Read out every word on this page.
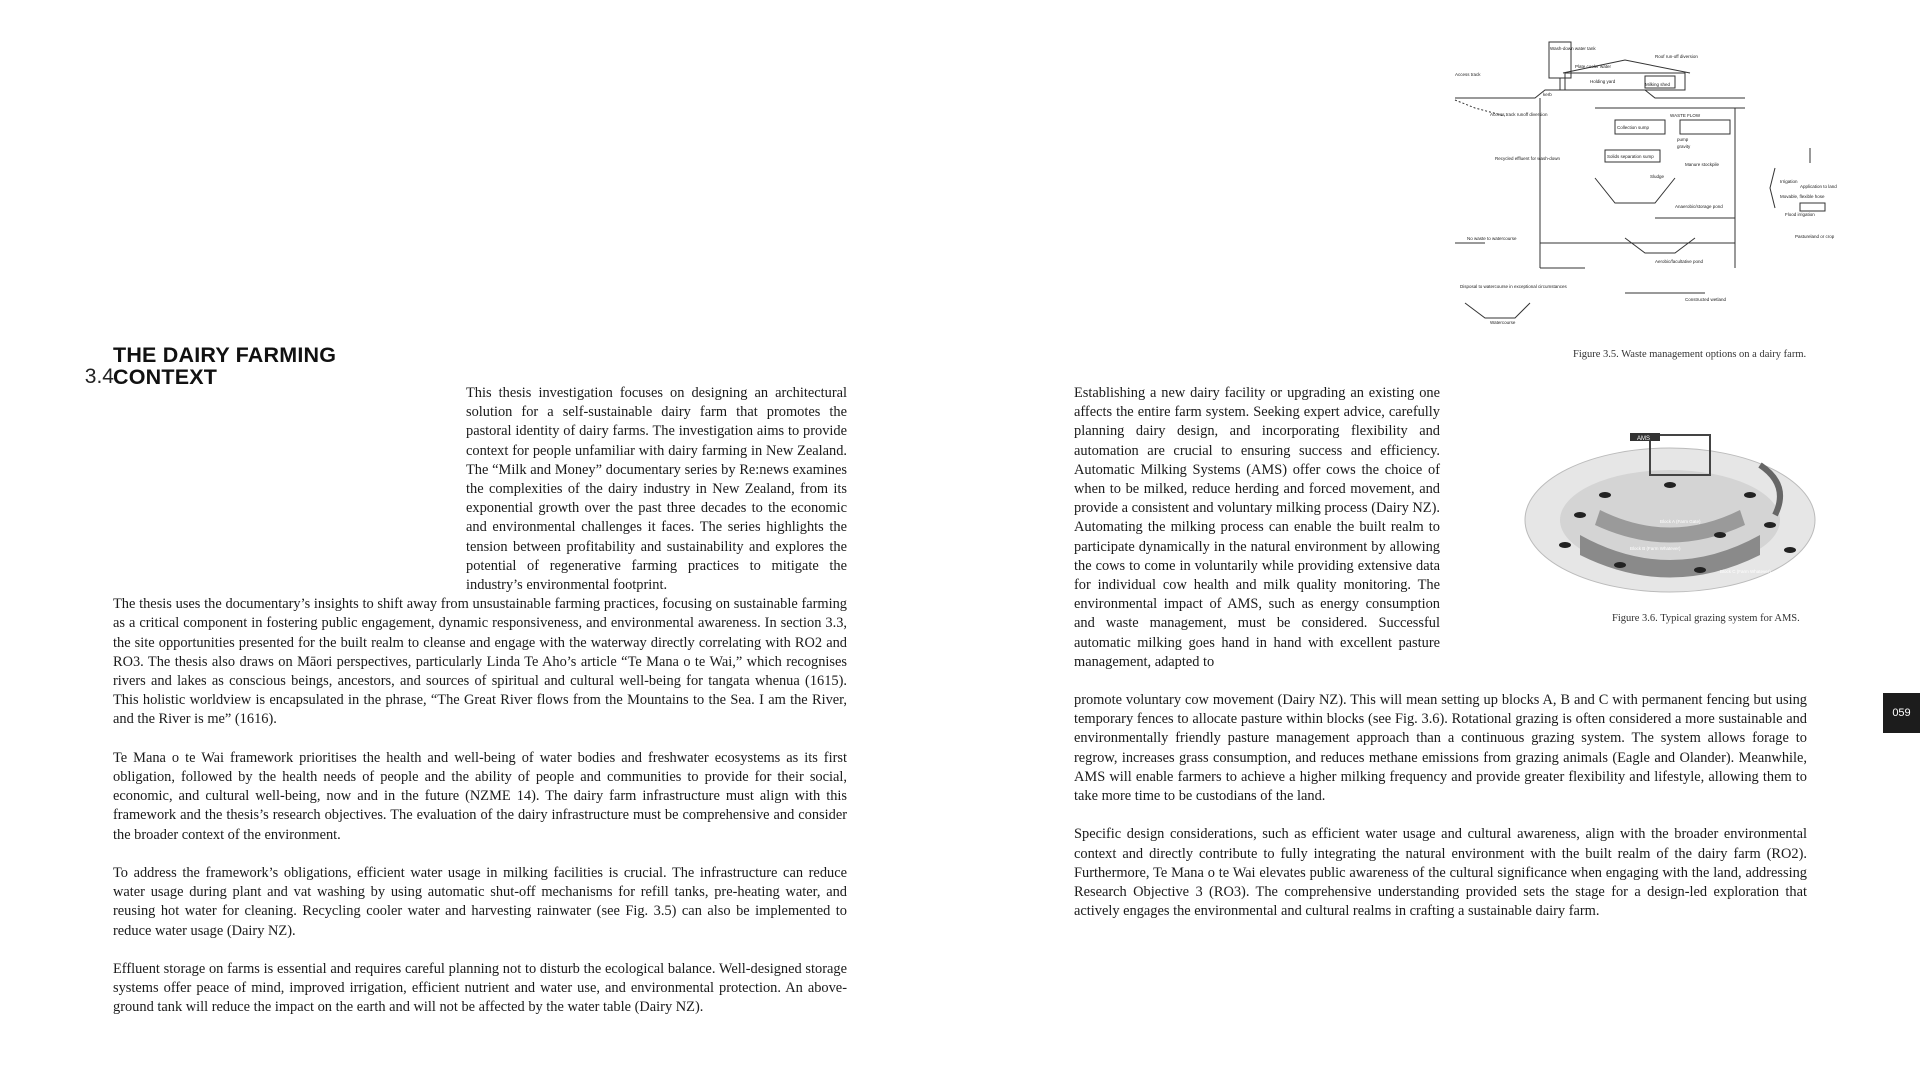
3.4
THE DAIRY FARMING
CONTEXT

This thesis investigation focuses on designing an architectural solution for a self-sustainable dairy farm that promotes the pastoral identity of dairy farms. The investigation aims to provide context for people unfamiliar with dairy farming in New Zealand. The “Milk and Money” documentary series by Re:news examines the complexities of the dairy industry in New Zealand, from its exponential growth over the past three decades to the economic and environmental challenges it faces. The series highlights the tension between profitability and sustainability and explores the potential of regenerative farming practices to mitigate the industry’s environmental footprint.

The thesis uses the documentary’s insights to shift away from unsustainable farming practices, focusing on sustainable farming as a critical component in fostering public engagement, dynamic responsiveness, and environmental awareness. In section 3.3, the site opportunities presented for the built realm to cleanse and engage with the waterway directly correlating with RO2 and RO3. The thesis also draws on Māori perspectives, particularly Linda Te Aho’s article “Te Mana o te Wai,” which recognises rivers and lakes as conscious beings, ancestors, and sources of spiritual and cultural well-being for tangata whenua (1615). This holistic worldview is encapsulated in the phrase, “The Great River flows from the Mountains to the Sea. I am the River, and the River is me” (1616).

Te Mana o te Wai framework prioritises the health and well-being of water bodies and freshwater ecosystems as its first obligation, followed by the health needs of people and the ability of people and communities to provide for their social, economic, and cultural well-being, now and in the future (NZME 14). The dairy farm infrastructure must align with this framework and the thesis’s research objectives. The evaluation of the dairy infrastructure must be comprehensive and consider the broader context of the environment.

To address the framework’s obligations, efficient water usage in milking facilities is crucial. The infrastructure can reduce water usage during plant and vat washing by using automatic shut-off mechanisms for refill tanks, pre-heating water, and reusing hot water for cleaning. Recycling cooler water and harvesting rainwater (see Fig. 3.5) can also be implemented to reduce water usage (Dairy NZ).

Effluent storage on farms is essential and requires careful planning not to disturb the ecological balance. Well-designed storage systems offer peace of mind, improved irrigation, efficient nutrient and water use, and environmental protection. An above-ground tank will reduce the impact on the earth and will not be affected by the water table (Dairy NZ).

Establishing a new dairy facility or upgrading an existing one affects the entire farm system. Seeking expert advice, carefully planning dairy design, and incorporating flexibility and automation are crucial to ensuring success and efficiency. Automatic Milking Systems (AMS) offer cows the choice of when to be milked, reduce herding and forced movement, and provide a consistent and voluntary milking process (Dairy NZ). Automating the milking process can enable the built realm to participate dynamically in the natural environment by allowing the cows to come in voluntarily while providing extensive data for individual cow health and milk quality monitoring. The environmental impact of AMS, such as energy consumption and waste management, must be considered. Successful automatic milking goes hand in hand with excellent pasture management, adapted to

promote voluntary cow movement (Dairy NZ). This will mean setting up blocks A, B and C with permanent fencing but using temporary fences to allocate pasture within blocks (see Fig. 3.6). Rotational grazing is often considered a more sustainable and environmentally friendly pasture management approach than a continuous grazing system. The system allows forage to regrow, increases grass consumption, and reduces methane emissions from grazing animals (Eagle and Olander). Meanwhile, AMS will enable farmers to achieve a higher milking frequency and provide greater flexibility and lifestyle, allowing them to take more time to be custodians of the land.

Specific design considerations, such as efficient water usage and cultural awareness, align with the broader environmental context and directly contribute to fully integrating the natural environment with the built realm of the dairy farm (RO2). Furthermore, Te Mana o te Wai elevates public awareness of the cultural significance when engaging with the land, addressing Research Objective 3 (RO3). The comprehensive understanding provided sets the stage for a design-led exploration that actively engages the environmental and cultural realms in crafting a sustainable dairy farm.

Wash-down water tank
Plate cooler water
Roof run-off diversion
Access track
Holding yard
Milking shed
kerb
Access track runoff diversion	WASTE FLOW
Collection sump
pump
gravity
Solids separation sump
Recycled effluent for wash-down
Manure stockpile
Sludge
Irrigation
Movable, flexible hose
Flood irrigation
Application to land
Anaerobic/storage pond
Pastureland or crop
No waste to watercourse
Aerobic/facultative pond
Disposal to watercourse in exceptional circumstances
Constructed wetland
Watercourse
Figure 3.5. Waste management options on a dairy farm.
AMS
Block A (Farm Gate)
Block B (Farm Whatever)
Block C (Farm Whatever)
Figure 3.6. Typical grazing system for AMS.
059
